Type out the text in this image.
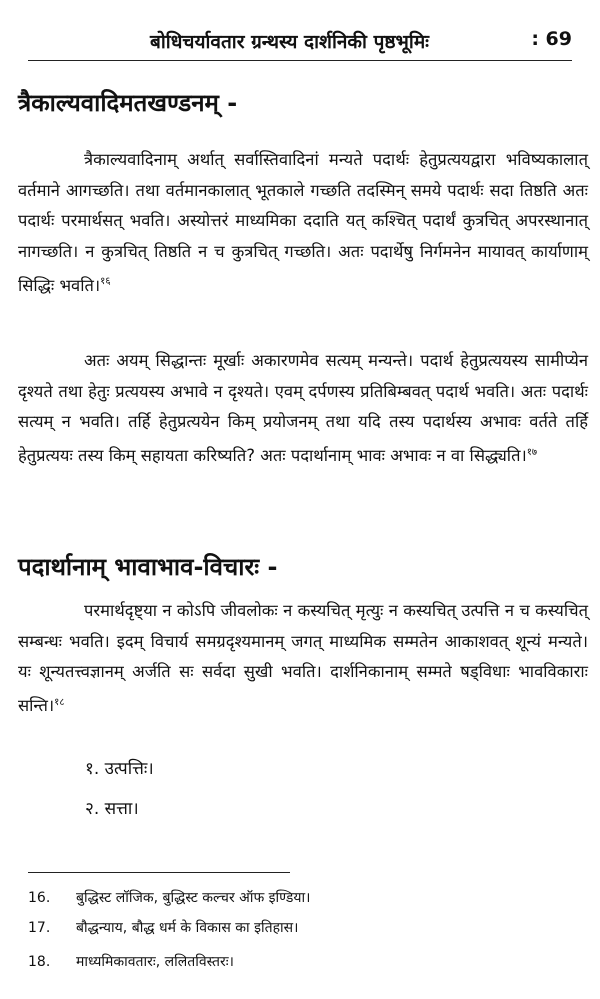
बोधिचर्यावतार ग्रन्थस्य दार्शनिकी पृष्ठभूमिः	: 69
त्रैकाल्यवादिमतखण्डनम् -
त्रैकाल्यवादिनाम् अर्थात् सर्वास्तिवादिनां मन्यते पदार्थः हेतुप्रत्ययद्वारा भविष्यकालात् वर्तमाने आगच्छति। तथा वर्तमानकालात् भूतकाले गच्छति तदस्मिन् समये पदार्थः सदा तिष्ठति अतः पदार्थः परमार्थसत् भवति। अस्योत्तरं माध्यमिका ददाति यत् कश्चित् पदार्थं कुत्रचित् अपरस्थानात् नागच्छति। न कुत्रचित् तिष्ठति न च कुत्रचित् गच्छति। अतः पदार्थेषु निर्गमनेन मायावत् कार्याणाम् सिद्धिः भवति।$^{१६}$
अतः अयम् सिद्धान्तः मूर्खाः अकारणमेव सत्यम् मन्यन्ते। पदार्थ हेतुप्रत्ययस्य सामीप्येन दृश्यते तथा हेतुः प्रत्ययस्य अभावे न दृश्यते। एवम् दर्पणस्य प्रतिबिम्बवत् पदार्थ भवति। अतः पदार्थः सत्यम् न भवति। तर्हि हेतुप्रत्ययेन किम् प्रयोजनम् तथा यदि तस्य पदार्थस्य अभावः वर्तते तर्हि हेतुप्रत्ययः तस्य किम् सहायता करिष्यति? अतः पदार्थानाम् भावः अभावः न वा सिद्ध्यति।$^{१७}$
पदार्थानाम् भावाभाव-विचारः -
परमार्थदृष्ट्या न कोऽपि जीवलोकः न कस्यचित् मृत्युः न कस्यचित् उत्पत्ति न च कस्यचित् सम्बन्धः भवति। इदम् विचार्य समग्रदृश्यमानम् जगत् माध्यमिक सम्मतेन आकाशवत् शून्यं मन्यते। यः शून्यतत्त्वज्ञानम् अर्जति सः सर्वदा सुखी भवति। दार्शनिकानाम् सम्मते षड्विधाः भावविकाराः सन्ति।$^{१८}$
१. उत्पत्तिः।
२. सत्ता।
16. बुद्धिस्ट लॉजिक, बुद्धिस्ट कल्चर ऑफ इण्डिया।
17. बौद्धन्याय, बौद्ध धर्म के विकास का इतिहास।
18. माध्यमिकावतारः, ललितविस्तरः।
